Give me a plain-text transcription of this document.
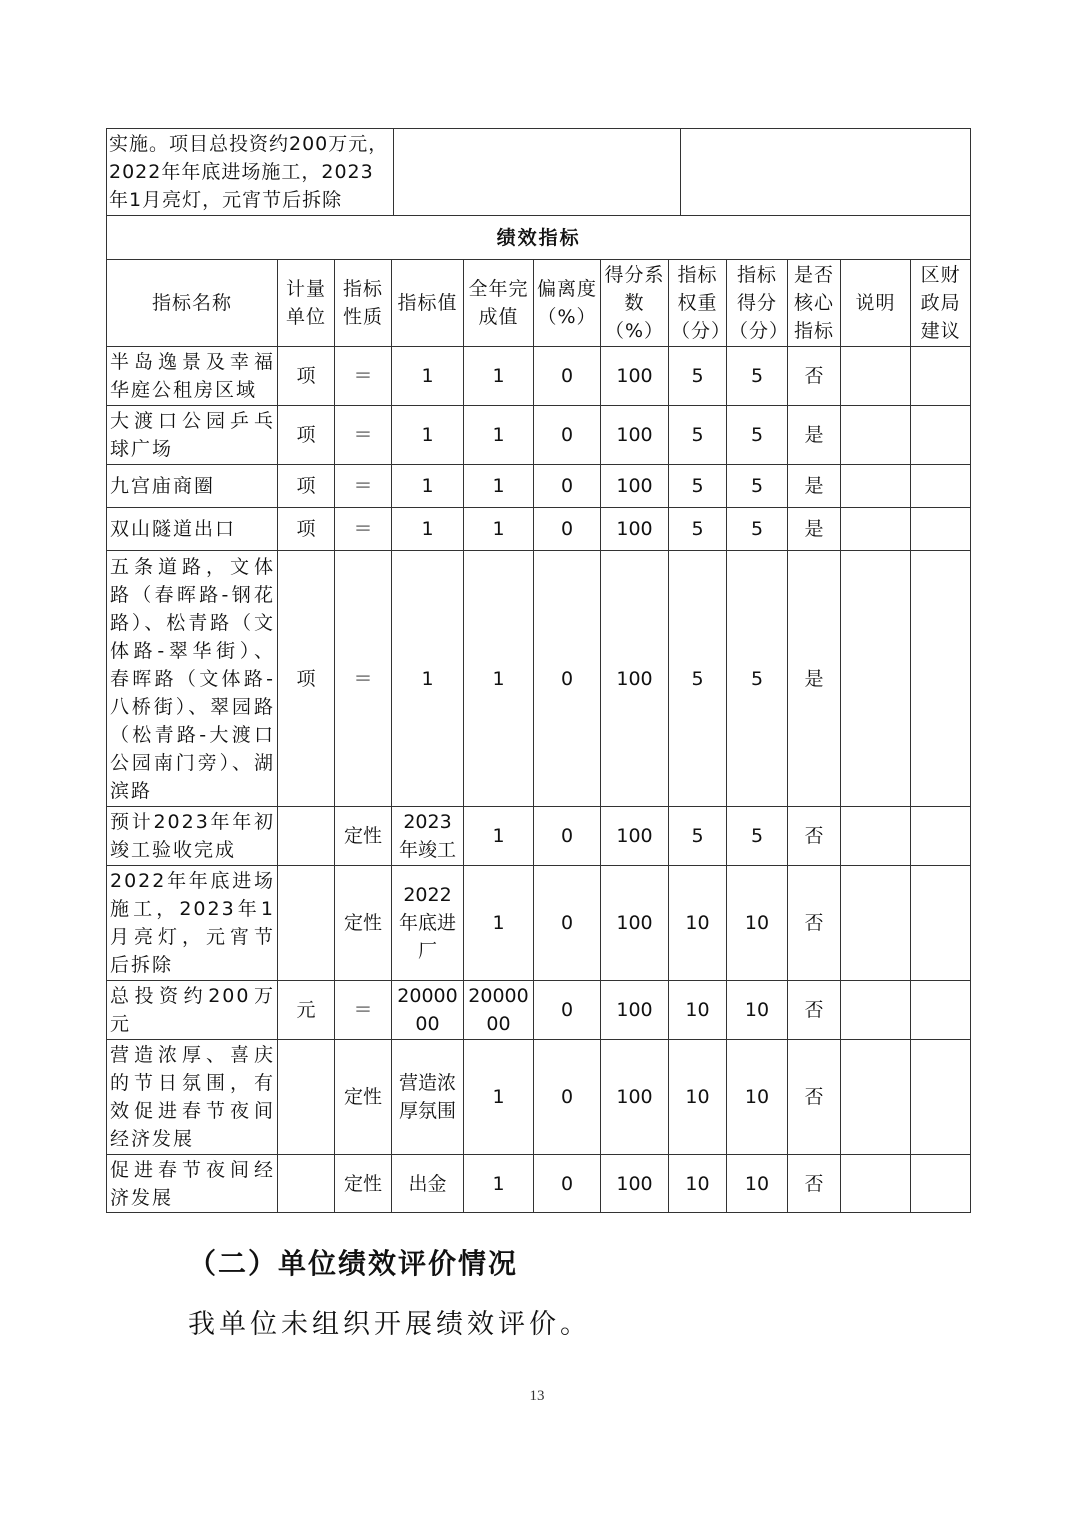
实施。项目总投资约200万元，2022年年底进场施工，2023年1月亮灯，元宵节后拆除		
绩效指标											
指标名称	计量单位	指标性质	指标值	全年完成值	偏离度（%）	得分系数（%）	指标权重（分）	指标得分（分）	是否核心指标	说明	区财政局建议
半岛逸景及幸福华庭公租房区域	项	＝	1	1	0	100	5	5	否		
大渡口公园乒乓球广场	项	＝	1	1	0	100	5	5	是		
九宫庙商圈	项	＝	1	1	0	100	5	5	是		
双山隧道出口	项	＝	1	1	0	100	5	5	是		
五条道路，文体路（春晖路-钢花路）、松青路（文体路-翠华街）、春晖路（文体路-八桥街）、翠园路（松青路-大渡口公园南门旁）、湖滨路	项	＝	1	1	0	100	5	5	是		
预计2023年年初竣工验收完成		定性	2023年竣工	1	0	100	5	5	否		
2022年年底进场施工，2023年1月亮灯，元宵节后拆除		定性	2022年底进厂	1	0	100	10	10	否		
总投资约200万元	元	＝	2000000	2000000	0	100	10	10	否		
营造浓厚、喜庆的节日氛围，有效促进春节夜间经济发展		定性	营造浓厚氛围	1	0	100	10	10	否		
促进春节夜间经济发展		定性	出金	1	0	100	10	10	否		
（二）单位绩效评价情况

我单位未组织开展绩效评价。

13
